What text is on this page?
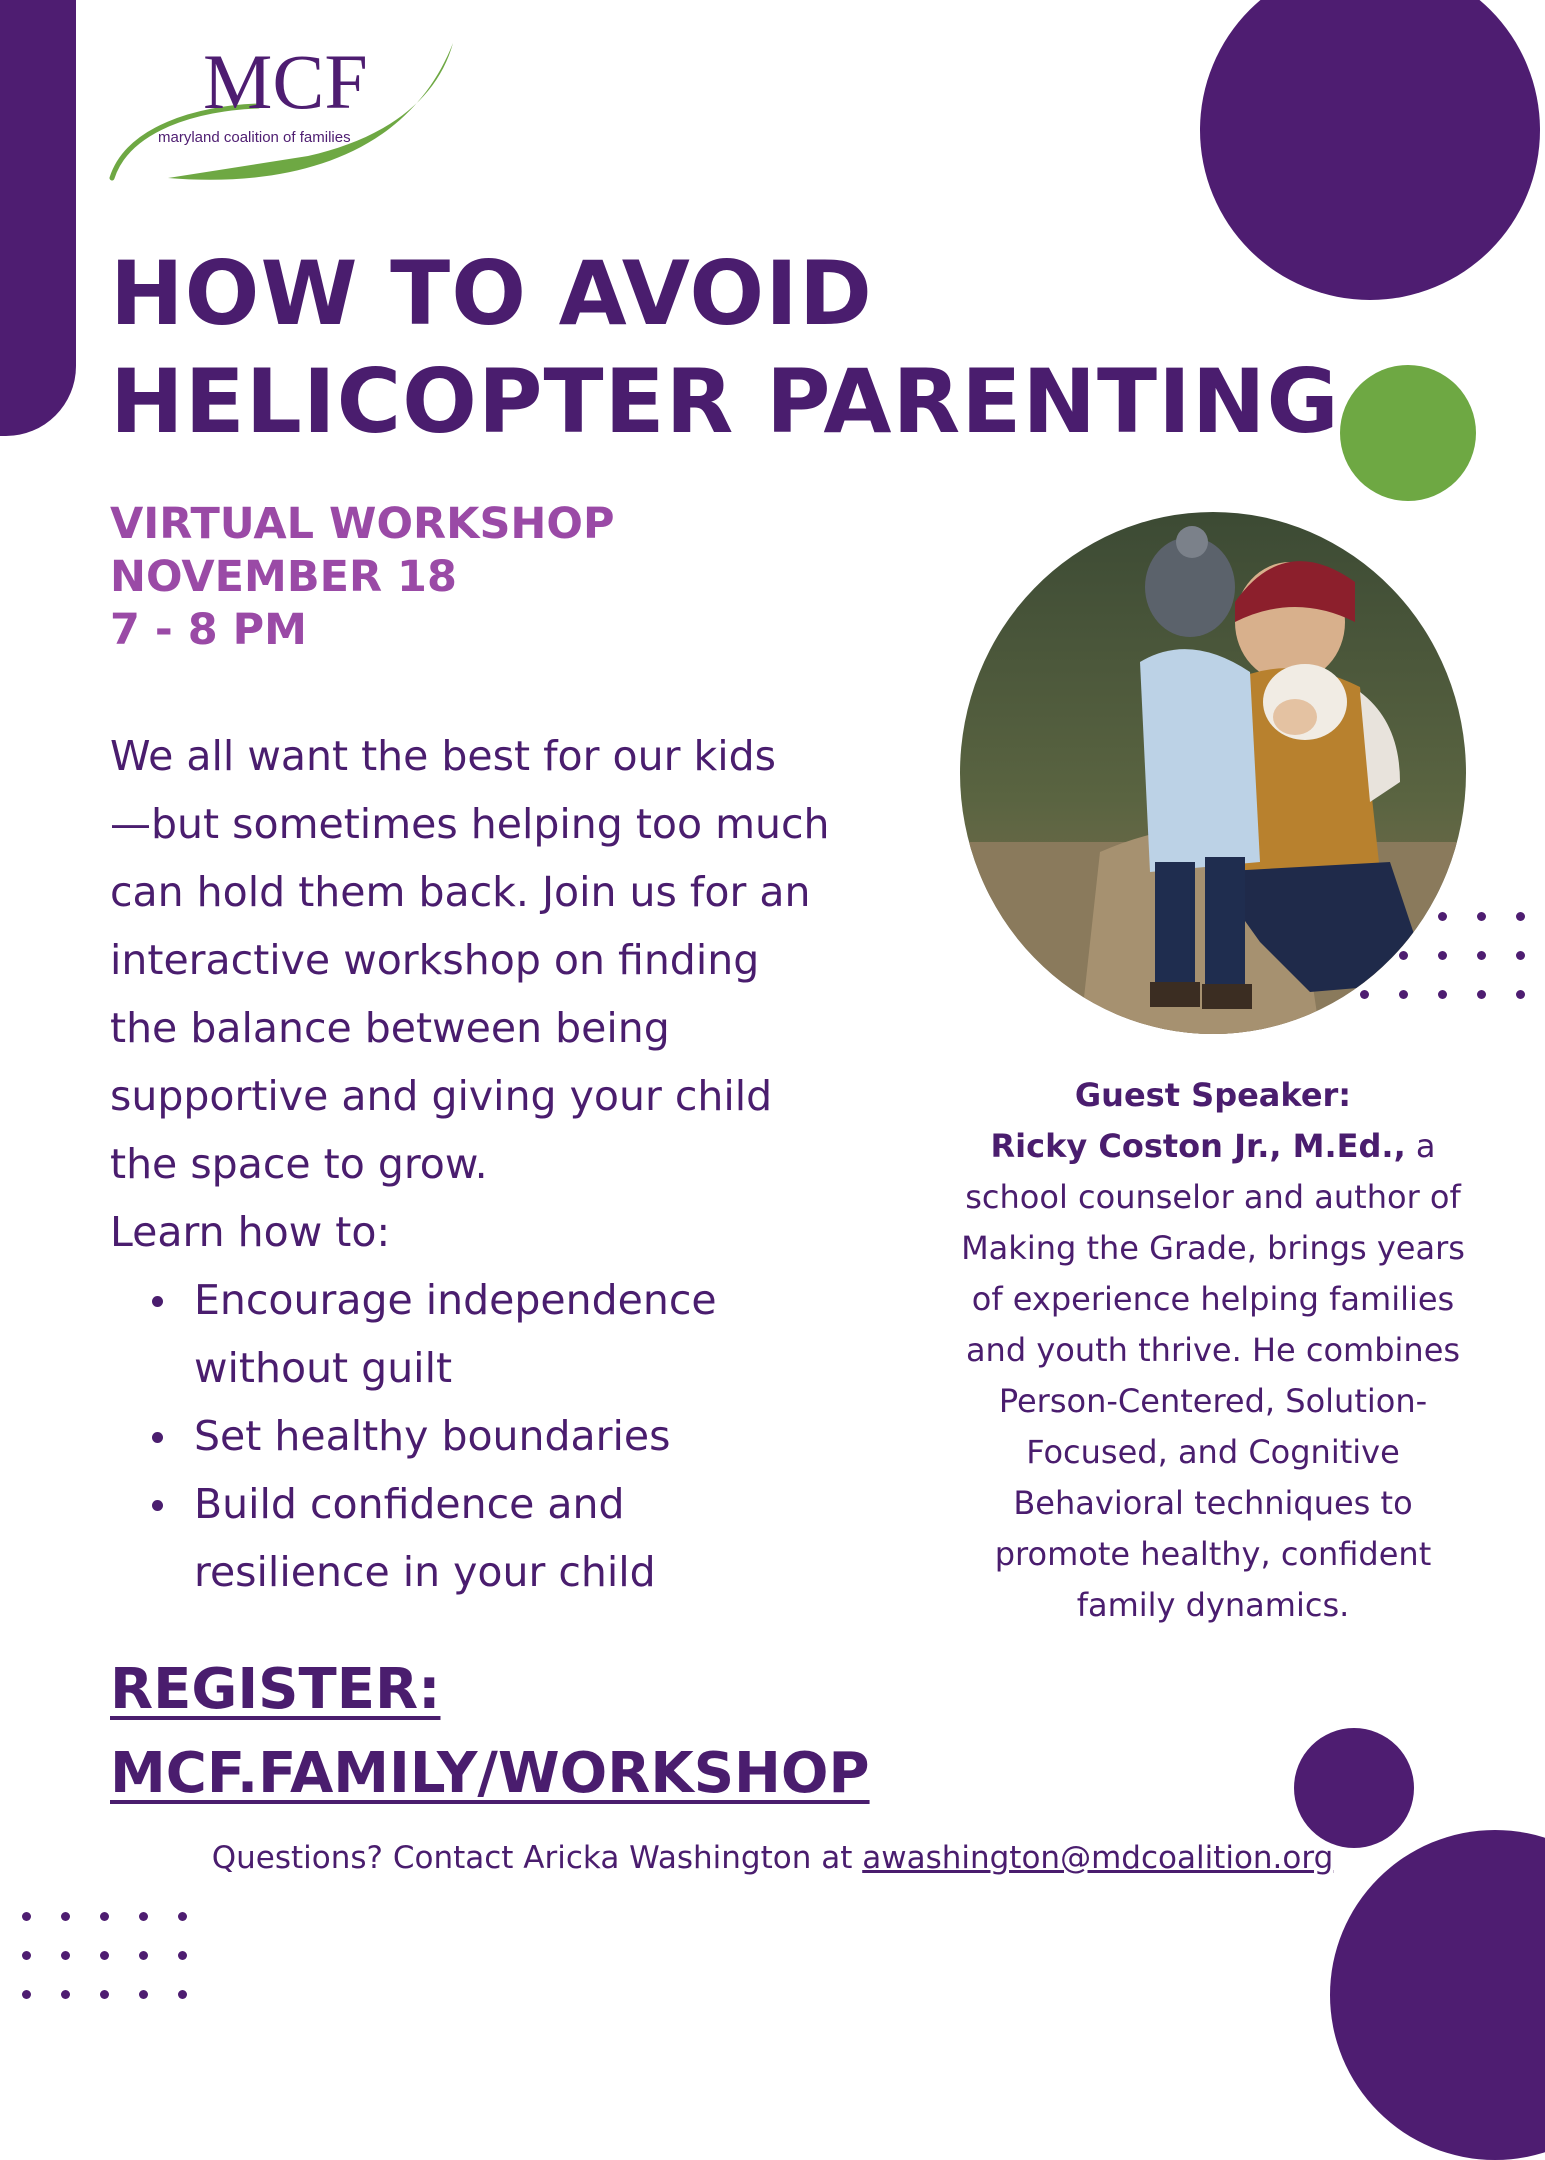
MCF
maryland coalition of families
HOW TO AVOID
HELICOPTER PARENTING
VIRTUAL WORKSHOP
NOVEMBER 18
7 - 8 PM
We all want the best for our kids —but sometimes helping too much can hold them back. Join us for an interactive workshop on finding the balance between being supportive and giving your child the space to grow.
Learn how to:
Encourage independence without guilt
Set healthy boundaries
Build confidence and resilience in your child
REGISTER:
MCF.FAMILY/WORKSHOP
Guest Speaker:
Ricky Coston Jr., M.Ed., a school counselor and author of Making the Grade, brings years of experience helping families and youth thrive. He combines Person-Centered, Solution-Focused, and Cognitive Behavioral techniques to promote healthy, confident family dynamics.
Questions? Contact Aricka Washington at awashington@mdcoalition.org
